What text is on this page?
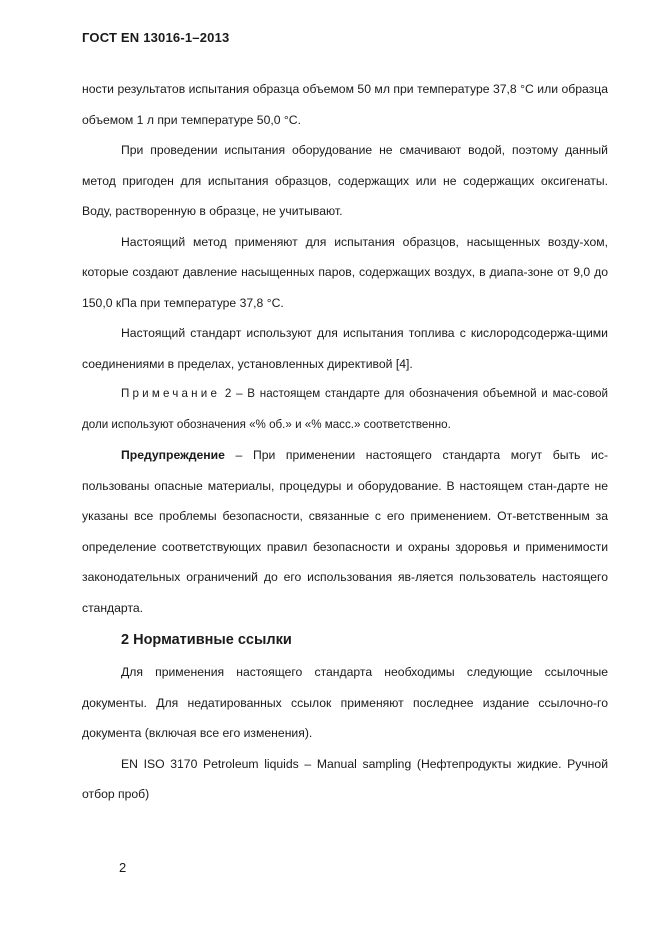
ГОСТ EN 13016-1–2013

ности результатов испытания образца объемом 50 мл при температуре 37,8 °С или образца объемом 1 л при температуре 50,0 °С.

При проведении испытания оборудование не смачивают водой, поэтому данный метод пригоден для испытания образцов, содержащих или не содержащих оксигенаты. Воду, растворенную в образце, не учитывают.

Настоящий метод применяют для испытания образцов, насыщенных возду-хом, которые создают давление насыщенных паров, содержащих воздух, в диапа-зоне от 9,0 до 150,0 кПа при температуре 37,8 °С.

Настоящий стандарт используют для испытания топлива с кислородсодержа-щими соединениями в пределах, установленных директивой [4].

Примечание 2 – В настоящем стандарте для обозначения объемной и мас-совой доли используют обозначения «% об.» и «% масс.» соответственно.

Предупреждение – При применении настоящего стандарта могут быть ис-пользованы опасные материалы, процедуры и оборудование. В настоящем стан-дарте не указаны все проблемы безопасности, связанные с его применением. От-ветственным за определение соответствующих правил безопасности и охраны здоровья и применимости законодательных ограничений до его использования яв-ляется пользователь настоящего стандарта.

2 Нормативные ссылки

Для применения настоящего стандарта необходимы следующие ссылочные документы. Для недатированных ссылок применяют последнее издание ссылочно-го документа (включая все его изменения).

EN ISO 3170 Petroleum liquids – Manual sampling (Нефтепродукты жидкие. Ручной отбор проб)

2
